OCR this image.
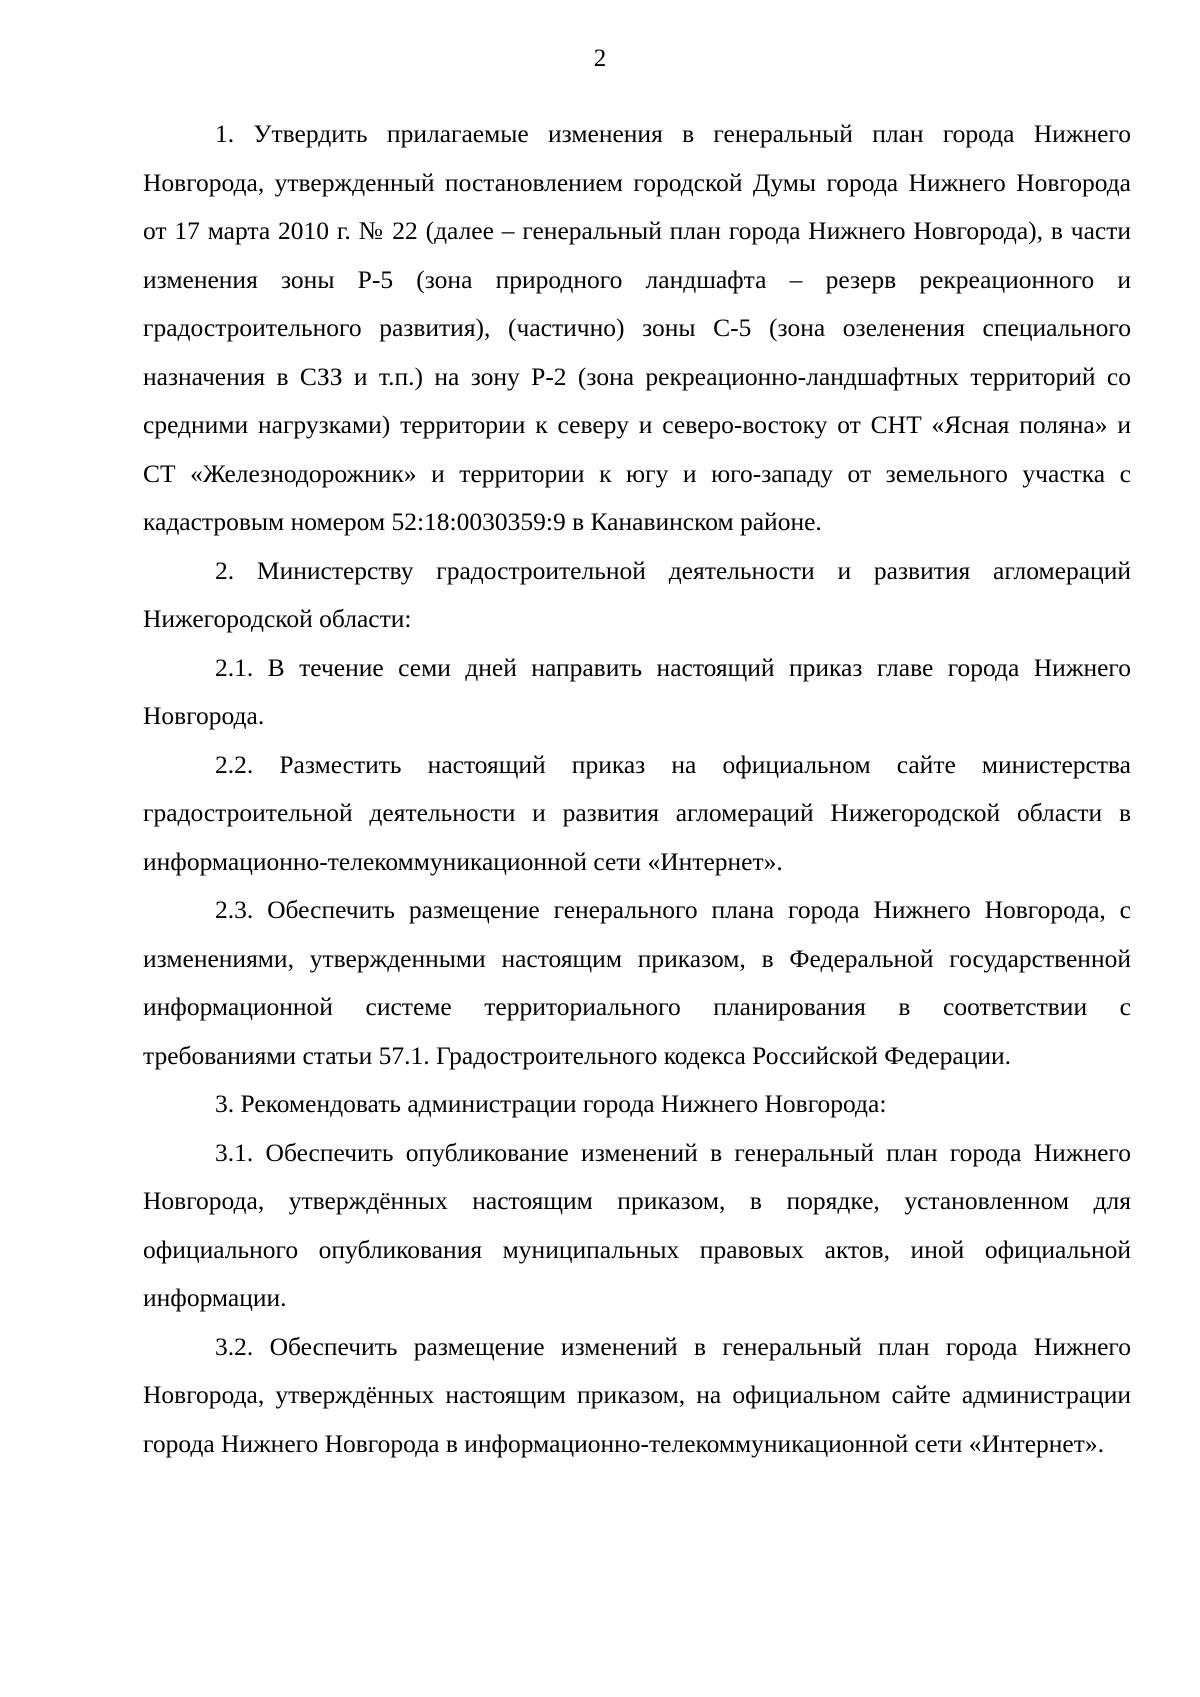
2

1. Утвердить прилагаемые изменения в генеральный план города Нижнего Новгорода, утвержденный постановлением городской Думы города Нижнего Новгорода от 17 марта 2010 г. № 22 (далее – генеральный план города Нижнего Новгорода), в части изменения зоны Р-5 (зона природного ландшафта – резерв рекреационного и градостроительного развития), (частично) зоны С-5 (зона озеленения специального назначения в СЗЗ и т.п.) на зону Р-2 (зона рекреационно-ландшафтных территорий со средними нагрузками) территории к северу и северо-востоку от СНТ «Ясная поляна» и СТ «Железнодорожник» и территории к югу и юго-западу от земельного участка с кадастровым номером 52:18:0030359:9 в Канавинском районе.

2. Министерству градостроительной деятельности и развития агломераций Нижегородской области:

2.1. В течение семи дней направить настоящий приказ главе города Нижнего Новгорода.

2.2. Разместить настоящий приказ на официальном сайте министерства градостроительной деятельности и развития агломераций Нижегородской области в информационно-телекоммуникационной сети «Интернет».

2.3. Обеспечить размещение генерального плана города Нижнего Новгорода, с изменениями, утвержденными настоящим приказом, в Федеральной государственной информационной системе территориального планирования в соответствии с требованиями статьи 57.1. Градостроительного кодекса Российской Федерации.

3. Рекомендовать администрации города Нижнего Новгорода:

3.1. Обеспечить опубликование изменений в генеральный план города Нижнего Новгорода, утверждённых настоящим приказом, в порядке, установленном для официального опубликования муниципальных правовых актов, иной официальной информации.

3.2. Обеспечить размещение изменений в генеральный план города Нижнего Новгорода, утверждённых настоящим приказом, на официальном сайте администрации города Нижнего Новгорода в информационно-телекоммуникационной сети «Интернет».
